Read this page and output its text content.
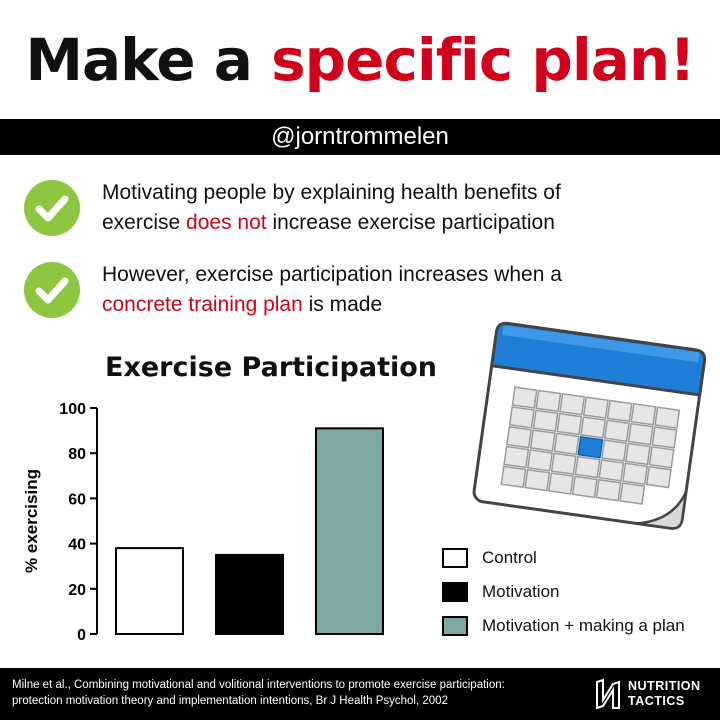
Make a specific plan!
@jorntrommelen
Motivating people by explaining health benefits of
exercise does not increase exercise participation
However, exercise participation increases when a
concrete training plan is made
Exercise Participation
0
20
40
60
80
100
% exercising	Control
Motivation
Motivation + making a plan
Milne et al., Combining motivational and volitional interventions to promote exercise participation:
protection motivation theory and implementation intentions, Br J Health Psychol, 2002
NUTRITION
TACTICS
